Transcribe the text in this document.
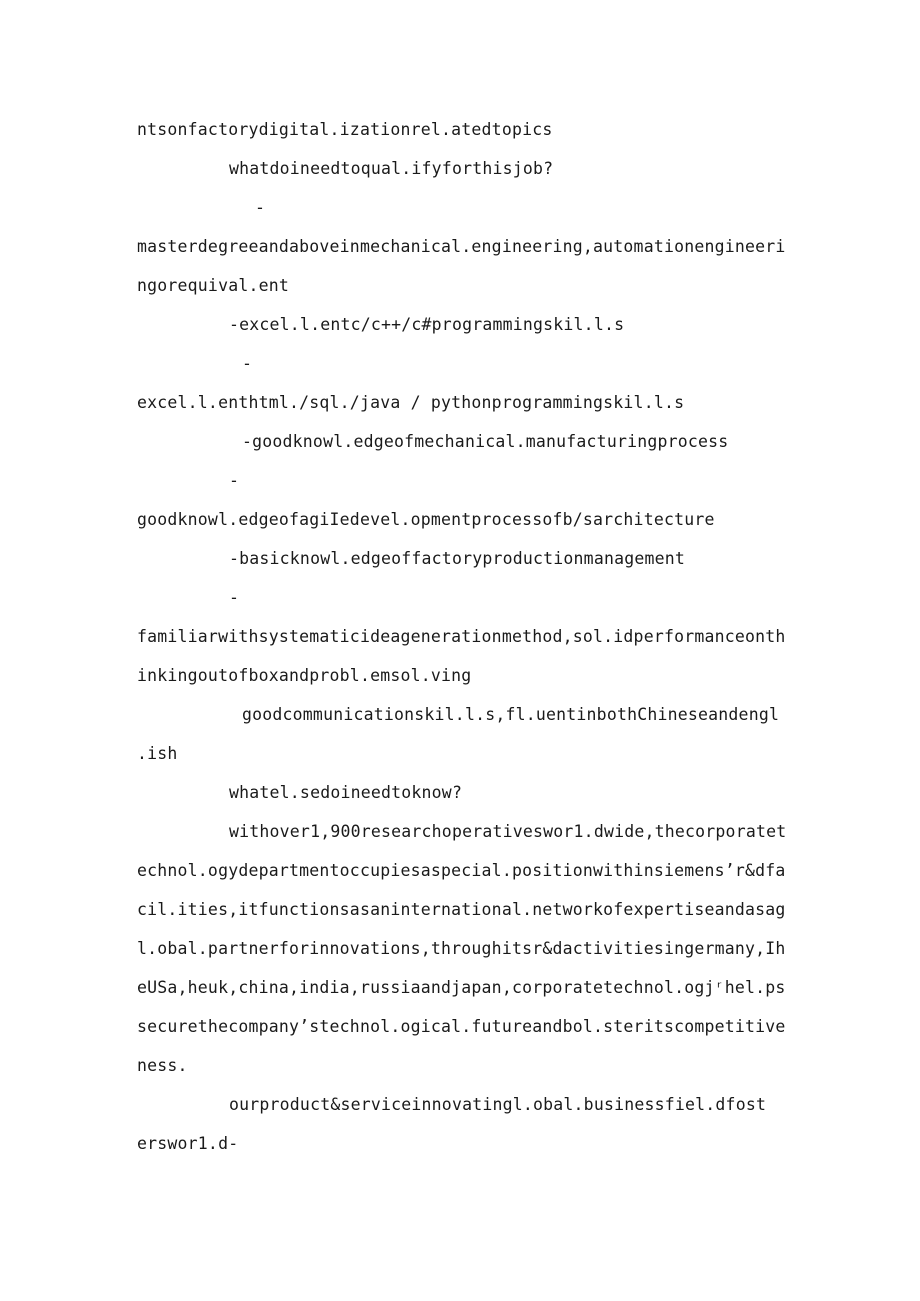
ntsonfactorydigital.izationrel.atedtopics
whatdoineedtoqual.ifyforthisjob?
-
masterdegreeandaboveinmechanical.engineering,automationengineeri
ngorequival.ent
-excel.l.entc/c++/c#programmingskil.l.s
-
excel.l.enthtml./sql./java / pythonprogrammingskil.l.s
-goodknowl.edgeofmechanical.manufacturingprocess
-
goodknowl.edgeofagiIedevel.opmentprocessofb/sarchitecture
-basicknowl.edgeoffactoryproductionmanagement
-
familiarwithsystematicideagenerationmethod,sol.idperformanceonth
inkingoutofboxandprobl.emsol.ving
goodcommunicationskil.l.s,fl.uentinbothChineseandengl
.ish
whatel.sedoineedtoknow?
withover1,900researchoperativeswor1.dwide,thecorporatet
echnol.ogydepartmentoccupiesaspecial.positionwithinsiemens’r&dfa
cil.ities,itfunctionsasaninternational.networkofexpertiseandasag
l.obal.partnerforinnovations,throughitsr&dactivitiesingermany,Ih
eUSa,heuk,china,india,russiaandjapan,corporatetechnol.ogjʳhel.ps
securethecompany’stechnol.ogical.futureandbol.steritscompetitive
ness.
ourproduct&serviceinnovatingl.obal.businessfiel.dfost
erswor1.d-
